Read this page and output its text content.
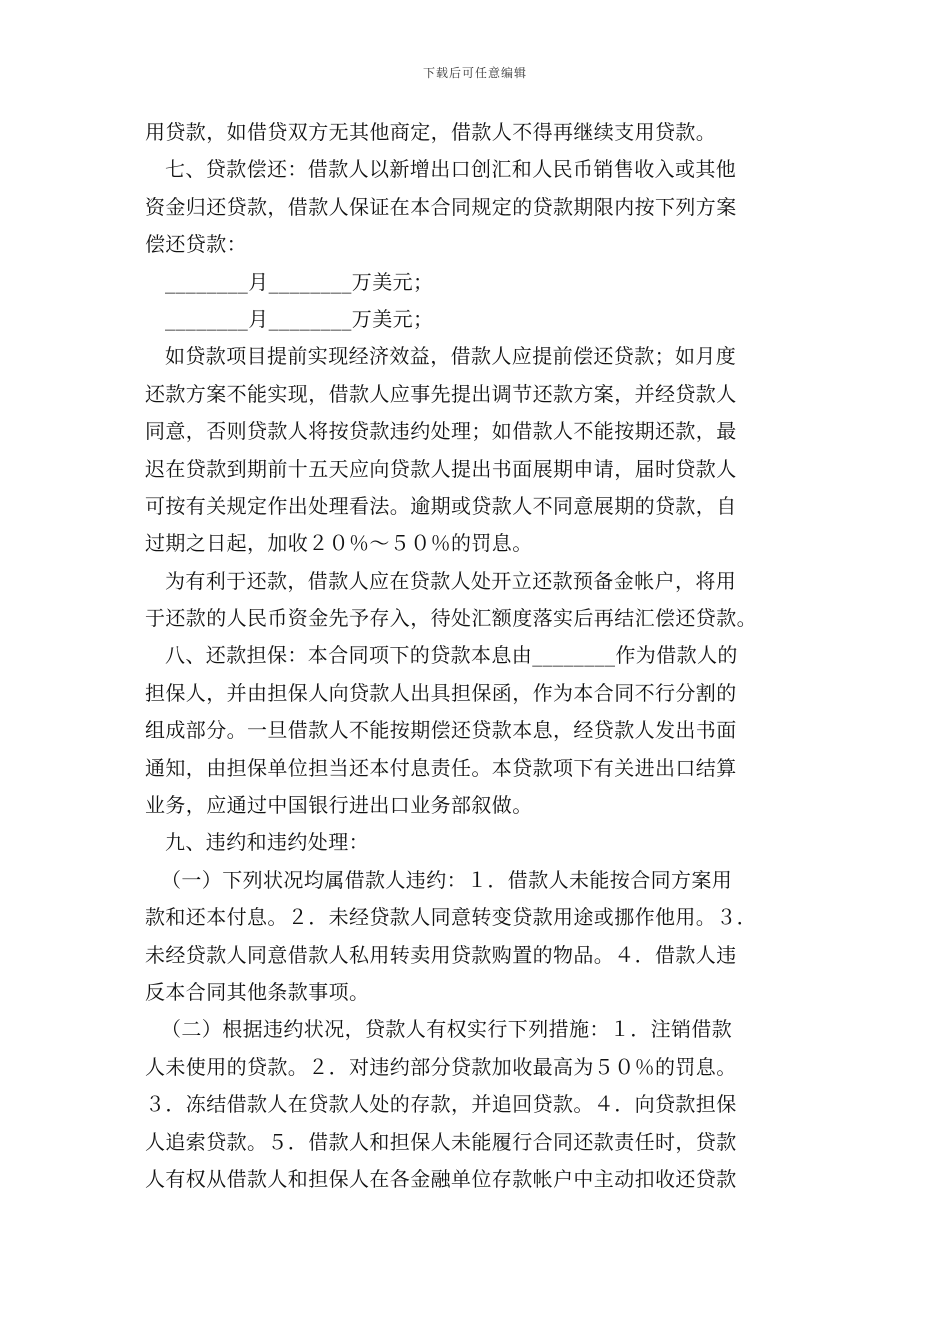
下载后可任意编辑
用贷款，如借贷双方无其他商定，借款人不得再继续支用贷款。
七、贷款偿还：借款人以新增出口创汇和人民币销售收入或其他
资金归还贷款，借款人保证在本合同规定的贷款期限内按下列方案
偿还贷款：
________月________万美元；
________月________万美元；
如贷款项目提前实现经济效益，借款人应提前偿还贷款；如月度
还款方案不能实现，借款人应事先提出调节还款方案，并经贷款人
同意，否则贷款人将按贷款违约处理；如借款人不能按期还款，最
迟在贷款到期前十五天应向贷款人提出书面展期申请，届时贷款人
可按有关规定作出处理看法。逾期或贷款人不同意展期的贷款，自
过期之日起，加收２０％～５０％的罚息。
为有利于还款，借款人应在贷款人处开立还款预备金帐户，将用
于还款的人民币资金先予存入，待处汇额度落实后再结汇偿还贷款。
八、还款担保：本合同项下的贷款本息由________作为借款人的
担保人，并由担保人向贷款人出具担保函，作为本合同不行分割的
组成部分。一旦借款人不能按期偿还贷款本息，经贷款人发出书面
通知，由担保单位担当还本付息责任。本贷款项下有关进出口结算
业务，应通过中国银行进出口业务部叙做。
九、违约和违约处理：
（一）下列状况均属借款人违约：１．借款人未能按合同方案用
款和还本付息。２．未经贷款人同意转变贷款用途或挪作他用。３．
未经贷款人同意借款人私用转卖用贷款购置的物品。４．借款人违
反本合同其他条款事项。
（二）根据违约状况，贷款人有权实行下列措施：１．注销借款
人未使用的贷款。２．对违约部分贷款加收最高为５０％的罚息。
３．冻结借款人在贷款人处的存款，并追回贷款。４．向贷款担保
人追索贷款。５．借款人和担保人未能履行合同还款责任时，贷款
人有权从借款人和担保人在各金融单位存款帐户中主动扣收还贷款
